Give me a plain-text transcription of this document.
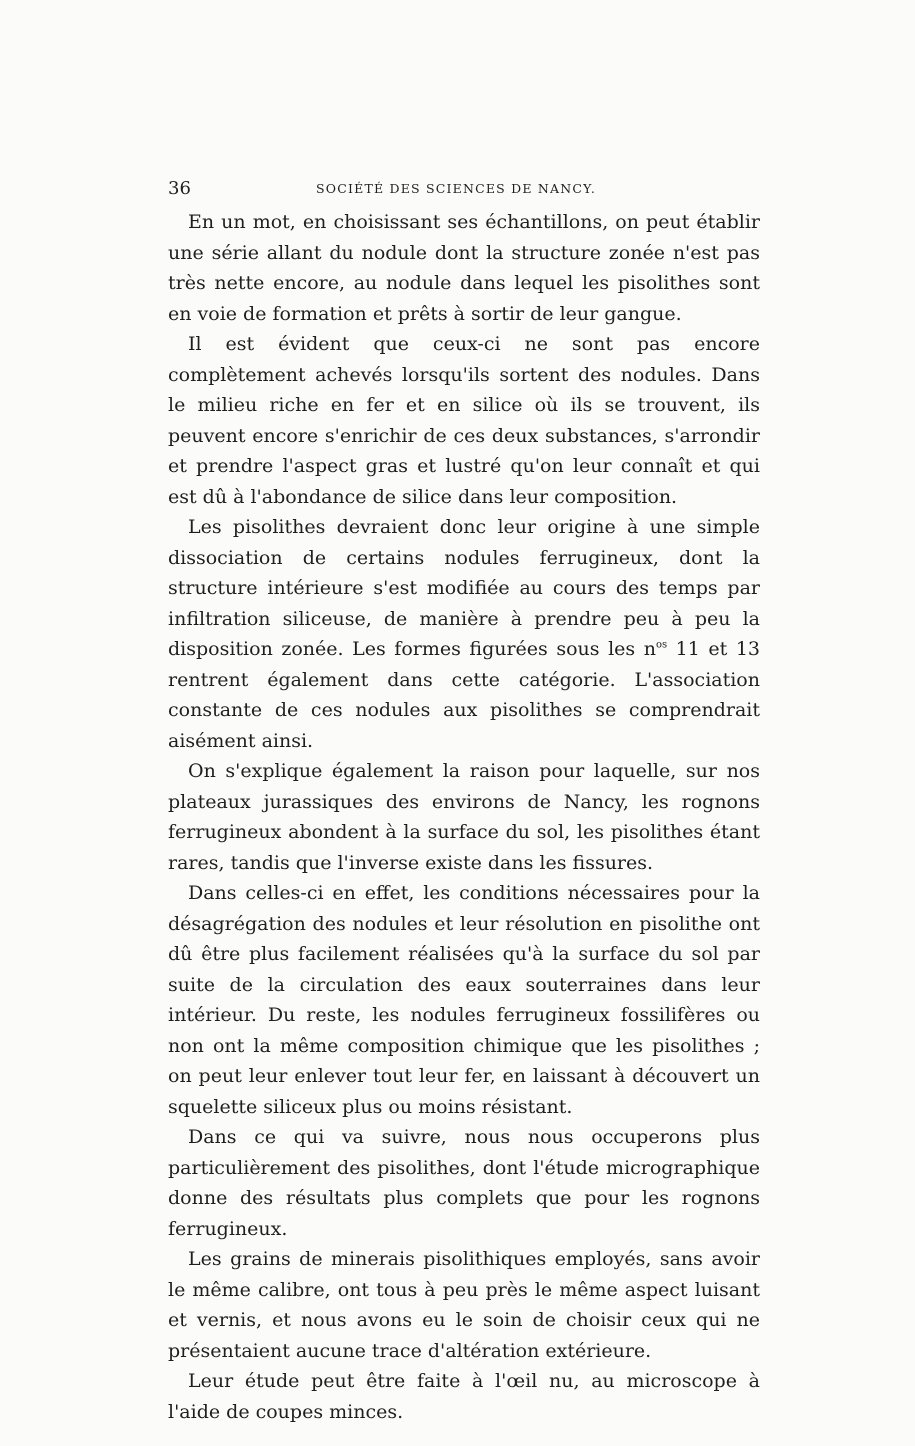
36	SOCIÉTÉ DES SCIENCES DE NANCY.

En un mot, en choisissant ses échantillons, on peut établir une série allant du nodule dont la structure zonée n'est pas très nette encore, au nodule dans lequel les pisolithes sont en voie de formation et prêts à sortir de leur gangue.

Il est évident que ceux-ci ne sont pas encore complètement achevés lorsqu'ils sortent des nodules. Dans le milieu riche en fer et en silice où ils se trouvent, ils peuvent encore s'enrichir de ces deux substances, s'arrondir et prendre l'aspect gras et lustré qu'on leur connaît et qui est dû à l'abondance de silice dans leur composition.

Les pisolithes devraient donc leur origine à une simple dissociation de certains nodules ferrugineux, dont la structure intérieure s'est modifiée au cours des temps par infiltration siliceuse, de manière à prendre peu à peu la disposition zonée. Les formes figurées sous les $n^{os}$ 11 et 13 rentrent également dans cette catégorie. L'association constante de ces nodules aux pisolithes se comprendrait aisément ainsi.

On s'explique également la raison pour laquelle, sur nos plateaux jurassiques des environs de Nancy, les rognons ferrugineux abondent à la surface du sol, les pisolithes étant rares, tandis que l'inverse existe dans les fissures.

Dans celles-ci en effet, les conditions nécessaires pour la désagrégation des nodules et leur résolution en pisolithe ont dû être plus facilement réalisées qu'à la surface du sol par suite de la circulation des eaux souterraines dans leur intérieur. Du reste, les nodules ferrugineux fossilifères ou non ont la même composition chimique que les pisolithes ; on peut leur enlever tout leur fer, en laissant à découvert un squelette siliceux plus ou moins résistant.

Dans ce qui va suivre, nous nous occuperons plus particulièrement des pisolithes, dont l'étude micrographique donne des résultats plus complets que pour les rognons ferrugineux.

Les grains de minerais pisolithiques employés, sans avoir le même calibre, ont tous à peu près le même aspect luisant et vernis, et nous avons eu le soin de choisir ceux qui ne présentaient aucune trace d'altération extérieure.

Leur étude peut être faite à l'œil nu, au microscope à l'aide de coupes minces.
